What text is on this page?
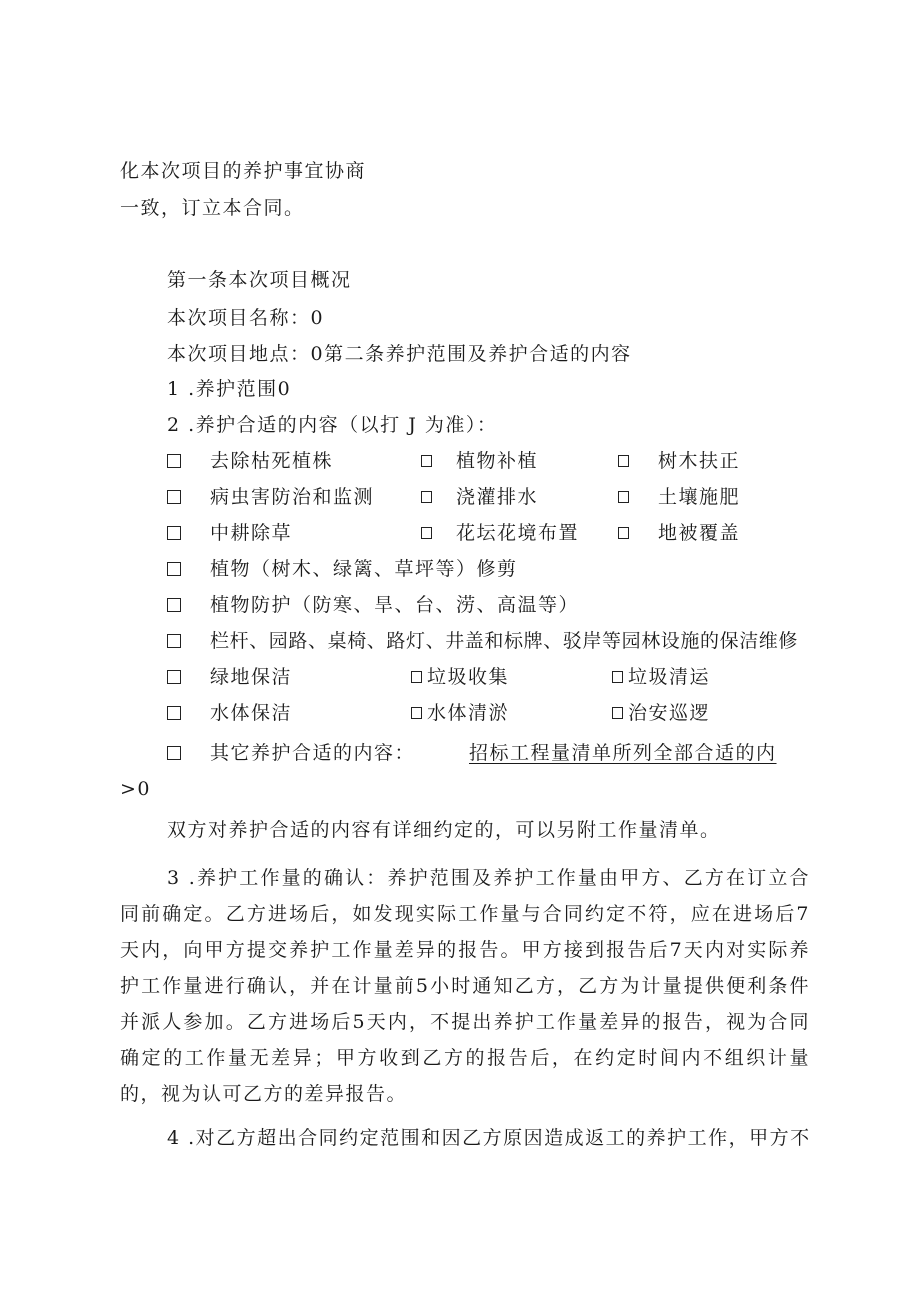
化本次项目的养护事宜协商
一致，订立本合同。
第一条本次项目概况
本次项目名称：0
本次项目地点：0第二条养护范围及养护合适的内容
1 .养护范围0
2 .养护合适的内容（以打 J 为准）：
去除枯死植株	植物补植	树木扶正
病虫害防治和监测	浇灌排水	土壤施肥
中耕除草	花坛花境布置	地被覆盖
植物（树木、绿篱、草坪等）修剪
植物防护（防寒、旱、台、涝、高温等）
栏杆、园路、桌椅、路灯、井盖和标牌、驳岸等园林设施的保洁维修
绿地保洁	垃圾收集	垃圾清运
水体保洁	水体清淤	治安巡逻
其它养护合适的内容：	招标工程量清单所列全部合适的内
>0
双方对养护合适的内容有详细约定的，可以另附工作量清单。
3 .养护工作量的确认：养护范围及养护工作量由甲方、乙方在订立合同前确定。乙方进场后，如发现实际工作量与合同约定不符，应在进场后7天内，向甲方提交养护工作量差异的报告。甲方接到报告后7天内对实际养护工作量进行确认，并在计量前5小时通知乙方，乙方为计量提供便利条件并派人参加。乙方进场后5天内，不提出养护工作量差异的报告，视为合同确定的工作量无差异；甲方收到乙方的报告后，在约定时间内不组织计量的，视为认可乙方的差异报告。
4 .对乙方超出合同约定范围和因乙方原因造成返工的养护工作，甲方不
